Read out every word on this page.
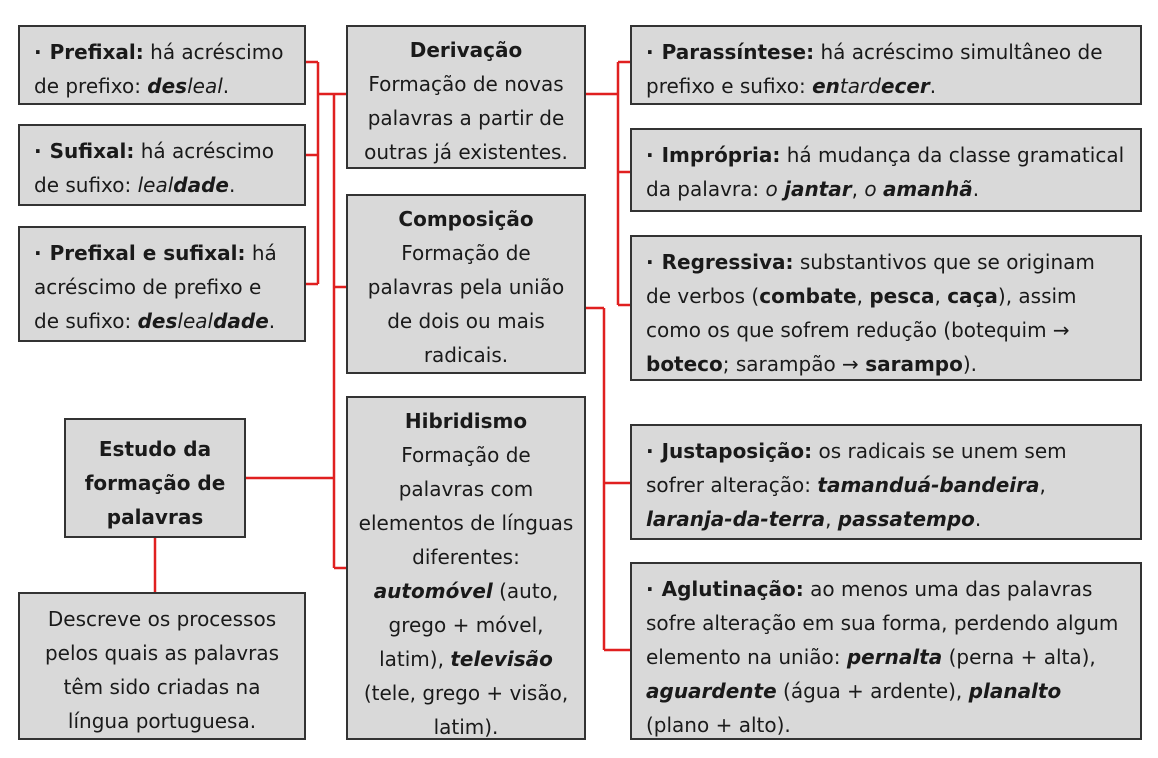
· Prefixal: há acréscimo de prefixo: desleal.
· Sufixal: há acréscimo de sufixo: lealdade.
· Prefixal e sufixal: há acréscimo de prefixo e de sufixo: deslealdade.
Estudo da formação de palavras
Descreve os processos pelos quais as palavras têm sido criadas na língua portuguesa.
Derivação
Formação de novas palavras a partir de outras já existentes.
Composição
Formação de palavras pela união de dois ou mais radicais.
Hibridismo
Formação de palavras com elementos de línguas diferentes: automóvel (auto, grego + móvel, latim), televisão (tele, grego + visão, latim).
· Parassíntese: há acréscimo simultâneo de prefixo e sufixo: entardecer.
· Imprópria: há mudança da classe gramatical da palavra: o jantar, o amanhã.
· Regressiva: substantivos que se originam de verbos (combate, pesca, caça), assim como os que sofrem redução (botequim → boteco; sarampão → sarampo).
· Justaposição: os radicais se unem sem sofrer alteração: tamanduá-bandeira, laranja-da-terra, passatempo.
· Aglutinação: ao menos uma das palavras sofre alteração em sua forma, perdendo algum elemento na união: pernalta (perna + alta), aguardente (água + ardente), planalto (plano + alto).
